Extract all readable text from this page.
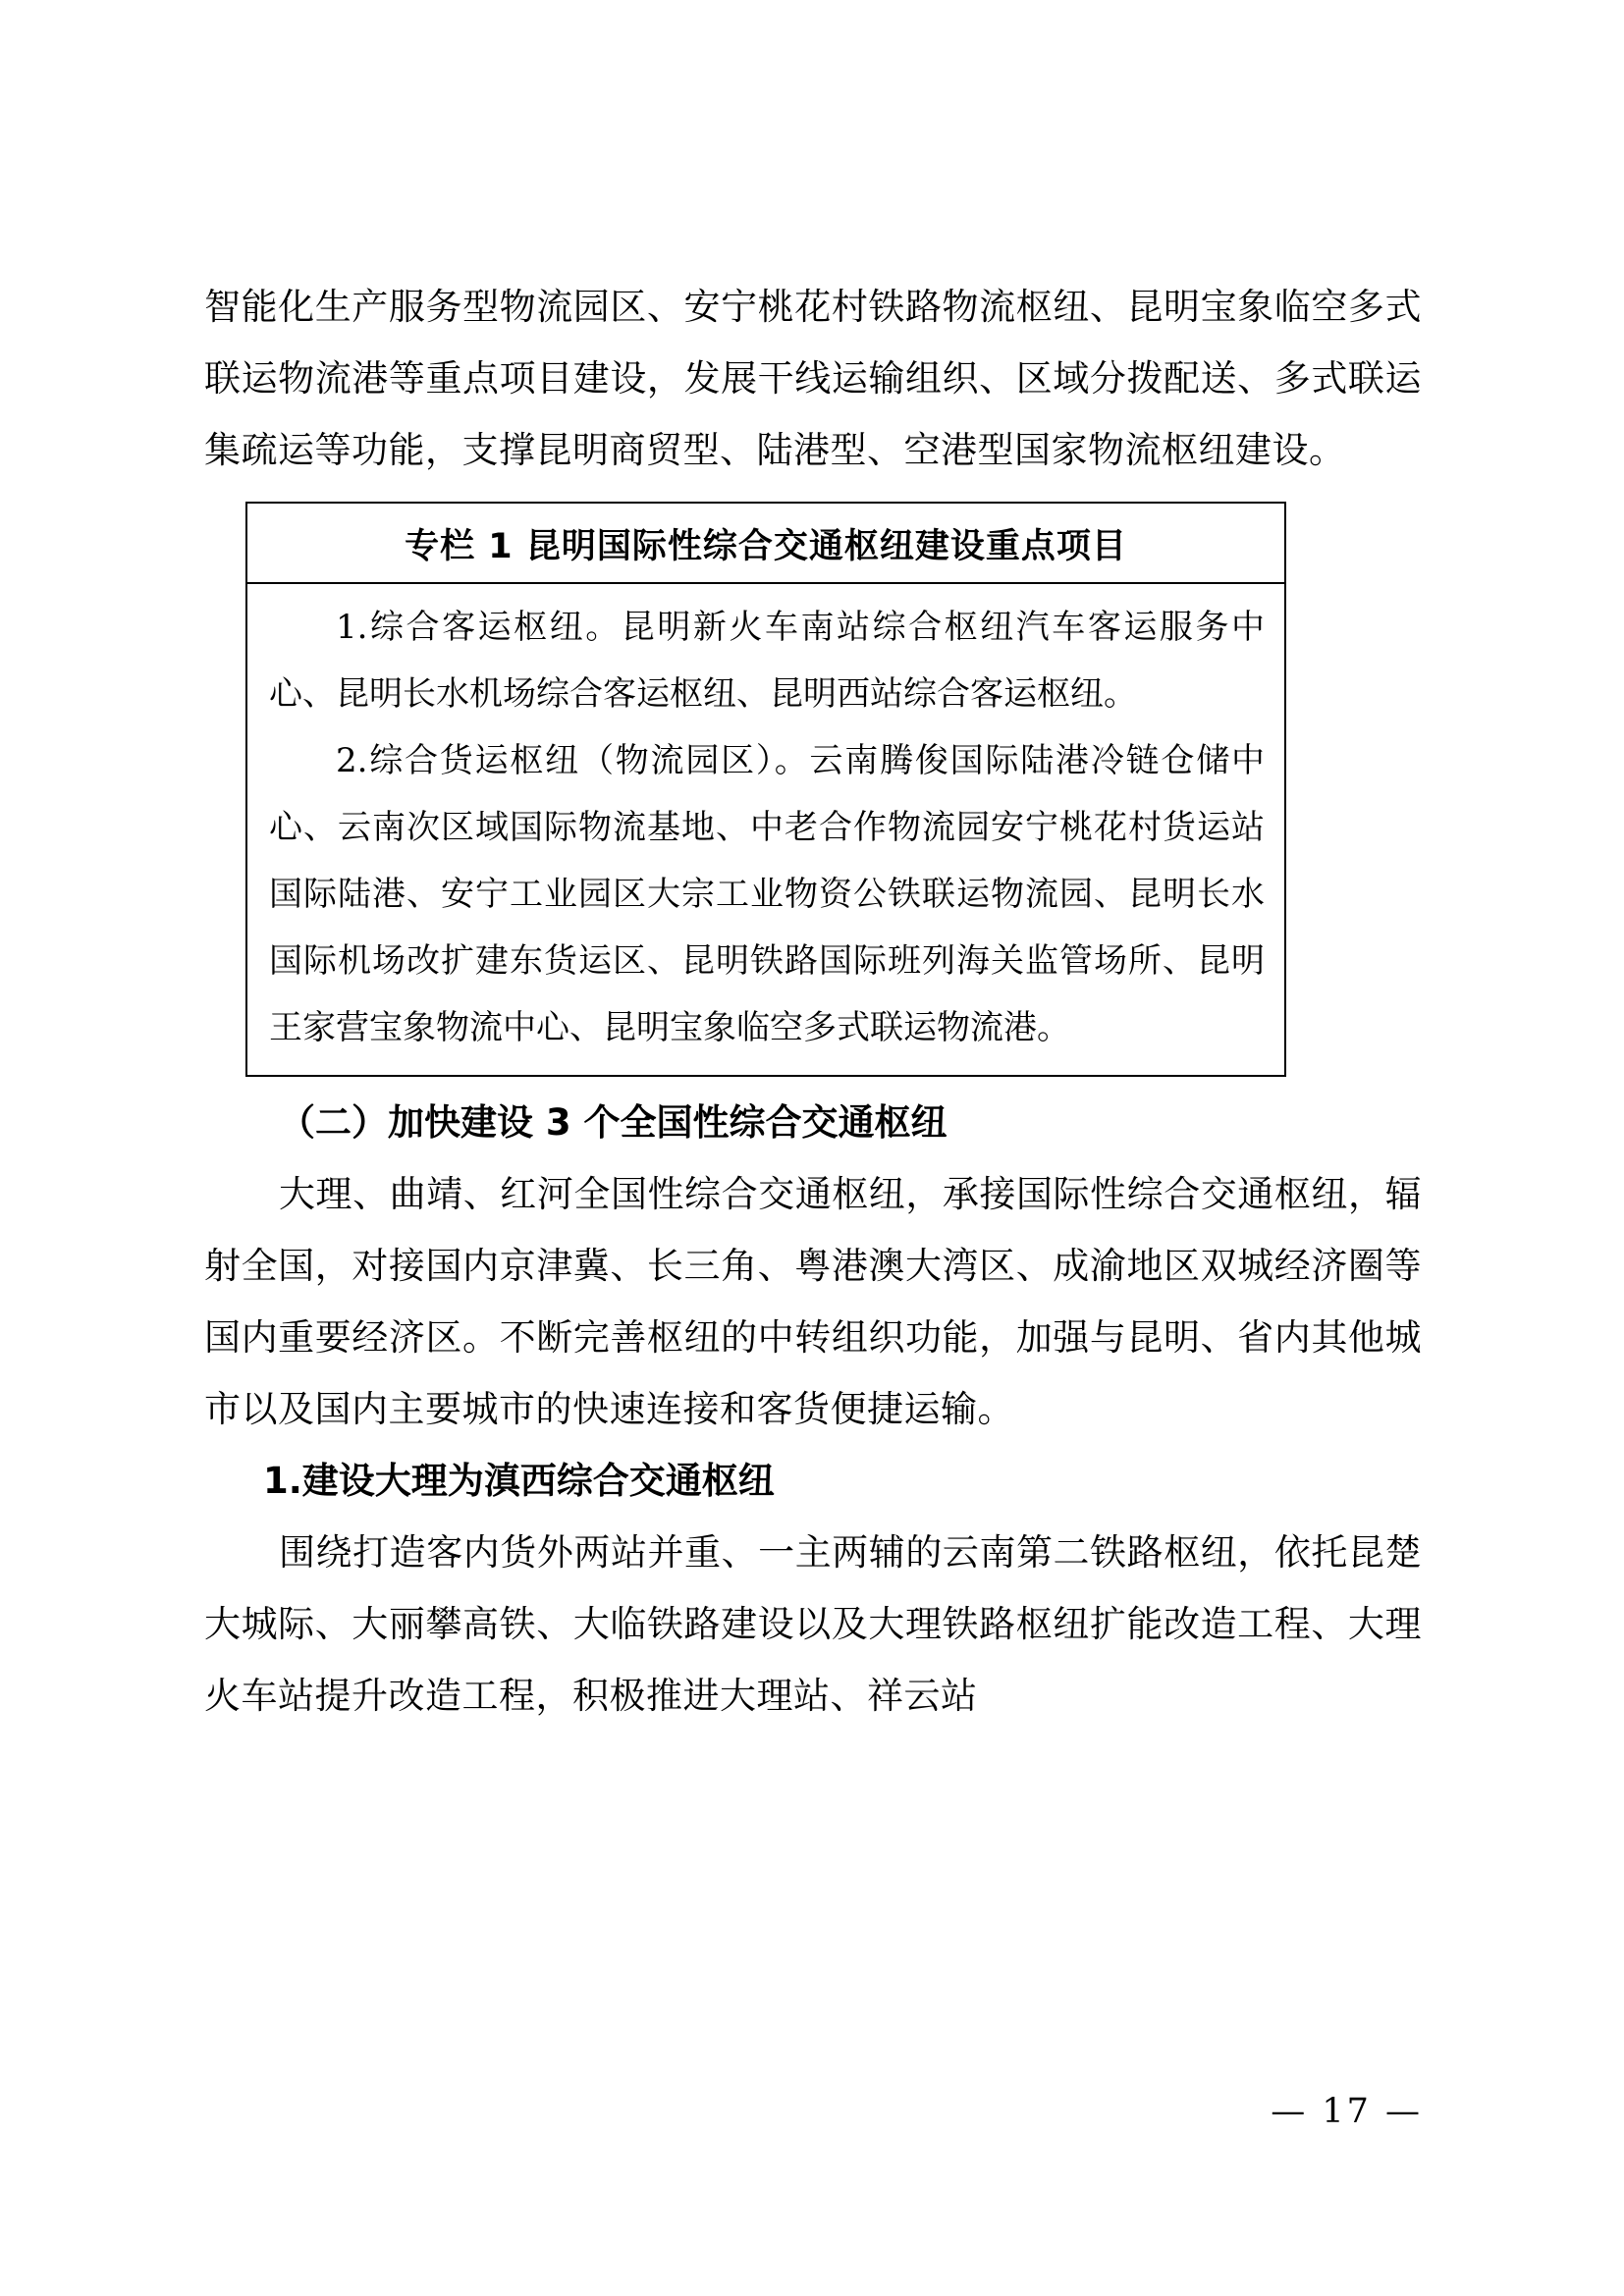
智能化生产服务型物流园区、安宁桃花村铁路物流枢纽、昆明宝象临空多式联运物流港等重点项目建设，发展干线运输组织、区域分拨配送、多式联运集疏运等功能，支撑昆明商贸型、陆港型、空港型国家物流枢纽建设。

专栏 1 昆明国际性综合交通枢纽建设重点项目

1.综合客运枢纽。昆明新火车南站综合枢纽汽车客运服务中心、昆明长水机场综合客运枢纽、昆明西站综合客运枢纽。

2.综合货运枢纽（物流园区）。云南腾俊国际陆港冷链仓储中心、云南次区域国际物流基地、中老合作物流园安宁桃花村货运站国际陆港、安宁工业园区大宗工业物资公铁联运物流园、昆明长水国际机场改扩建东货运区、昆明铁路国际班列海关监管场所、昆明王家营宝象物流中心、昆明宝象临空多式联运物流港。

（二）加快建设 3 个全国性综合交通枢纽

大理、曲靖、红河全国性综合交通枢纽，承接国际性综合交通枢纽，辐射全国，对接国内京津冀、长三角、粤港澳大湾区、成渝地区双城经济圈等国内重要经济区。不断完善枢纽的中转组织功能，加强与昆明、省内其他城市以及国内主要城市的快速连接和客货便捷运输。

1.建设大理为滇西综合交通枢纽

围绕打造客内货外两站并重、一主两辅的云南第二铁路枢纽，依托昆楚大城际、大丽攀高铁、大临铁路建设以及大理铁路枢纽扩能改造工程、大理火车站提升改造工程，积极推进大理站、祥云站

— 17 —
